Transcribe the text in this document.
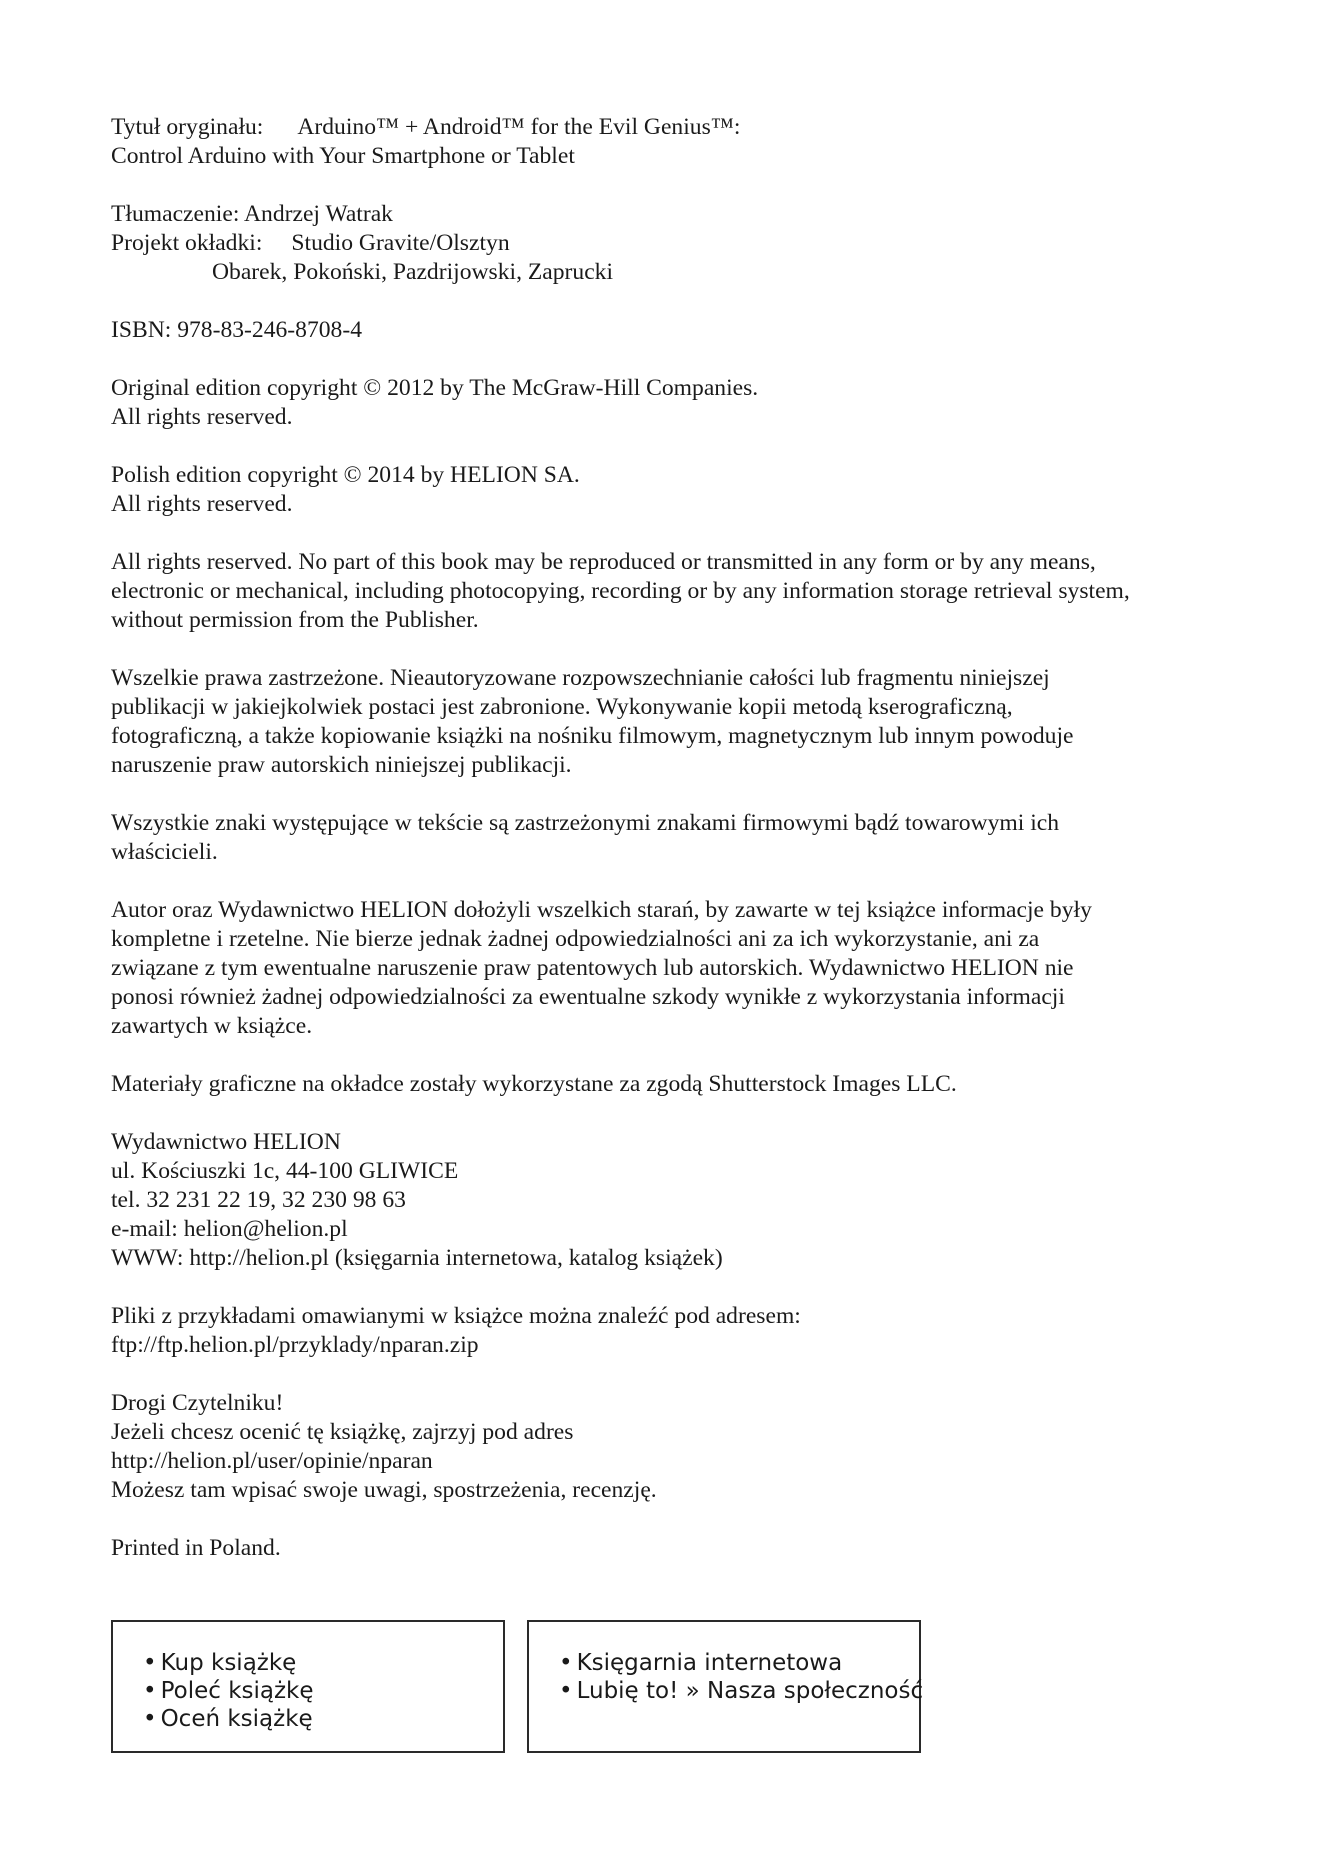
Tytuł oryginału: Arduino™ + Android™ for the Evil Genius™:
Control Arduino with Your Smartphone or Tablet
Tłumaczenie: Andrzej Watrak
Projekt okładki: Studio Gravite/Olsztyn
Obarek, Pokoński, Pazdrijowski, Zaprucki
ISBN: 978-83-246-8708-4
Original edition copyright © 2012 by The McGraw-Hill Companies.
All rights reserved.
Polish edition copyright © 2014 by HELION SA.
All rights reserved.
All rights reserved. No part of this book may be reproduced or transmitted in any form or by any means,
electronic or mechanical, including photocopying, recording or by any information storage retrieval system,
without permission from the Publisher.
Wszelkie prawa zastrzeżone. Nieautoryzowane rozpowszechnianie całości lub fragmentu niniejszej
publikacji w jakiejkolwiek postaci jest zabronione. Wykonywanie kopii metodą kserograficzną,
fotograficzną, a także kopiowanie książki na nośniku filmowym, magnetycznym lub innym powoduje
naruszenie praw autorskich niniejszej publikacji.
Wszystkie znaki występujące w tekście są zastrzeżonymi znakami firmowymi bądź towarowymi ich
właścicieli.
Autor oraz Wydawnictwo HELION dołożyli wszelkich starań, by zawarte w tej książce informacje były
kompletne i rzetelne. Nie bierze jednak żadnej odpowiedzialności ani za ich wykorzystanie, ani za
związane z tym ewentualne naruszenie praw patentowych lub autorskich. Wydawnictwo HELION nie
ponosi również żadnej odpowiedzialności za ewentualne szkody wynikłe z wykorzystania informacji
zawartych w książce.
Materiały graficzne na okładce zostały wykorzystane za zgodą Shutterstock Images LLC.
Wydawnictwo HELION
ul. Kościuszki 1c, 44-100 GLIWICE
tel. 32 231 22 19, 32 230 98 63
e-mail: helion@helion.pl
WWW: http://helion.pl (księgarnia internetowa, katalog książek)
Pliki z przykładami omawianymi w książce można znaleźć pod adresem:
ftp://ftp.helion.pl/przyklady/nparan.zip
Drogi Czytelniku!
Jeżeli chcesz ocenić tę książkę, zajrzyj pod adres
http://helion.pl/user/opinie/nparan
Możesz tam wpisać swoje uwagi, spostrzeżenia, recenzję.
Printed in Poland.
• Kup książkę
• Poleć książkę
• Oceń książkę
• Księgarnia internetowa
• Lubię to! » Nasza społeczność
